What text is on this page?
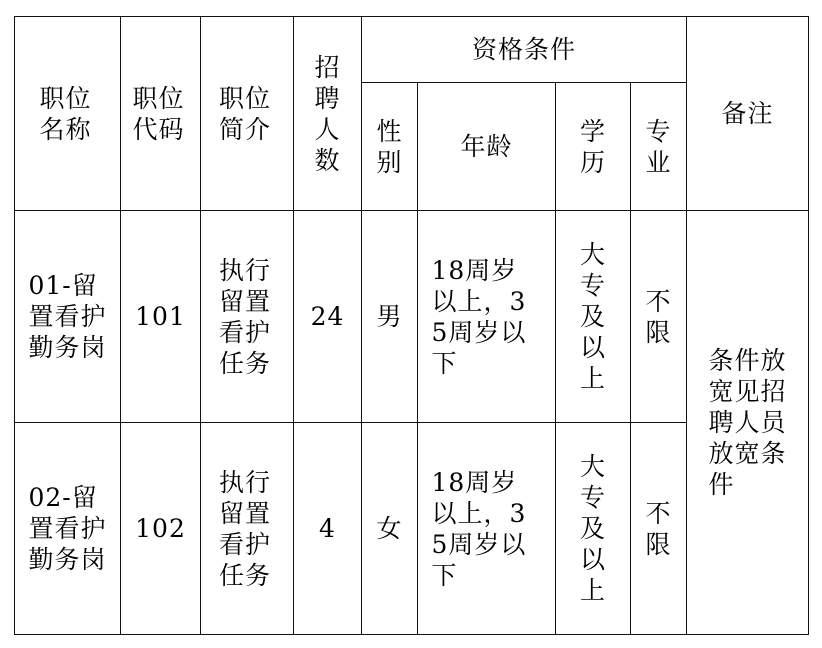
职位名称	职位代码	职位简介	招聘人数	资格条件				备注
				性别	年龄	学历	专业	
01-留置看护勤务岗	101	执行留置看护任务	24	男	18周岁以上，35周岁以下	大专及以上	不限	条件放宽见招聘人员放宽条件
02-留置看护勤务岗	102	执行留置看护任务	4	女	18周岁以上，35周岁以下	大专及以上	不限	
